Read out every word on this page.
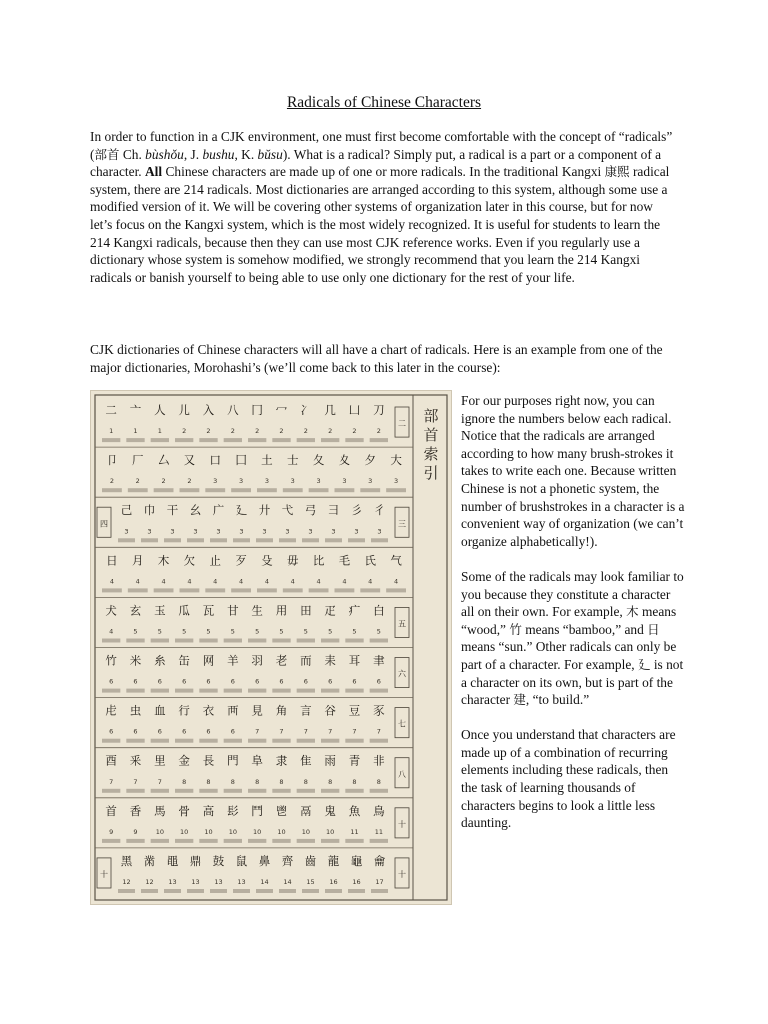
Radicals of Chinese Characters

In order to function in a CJK environment, one must first become comfortable with the concept of “radicals” (部首 Ch. bùshǒu, J. bushu, K. bŭsu). What is a radical? Simply put, a radical is a part or a component of a character. All Chinese characters are made up of one or more radicals. In the traditional Kangxi 康熙 radical system, there are 214 radicals. Most dictionaries are arranged according to this system, although some use a modified version of it. We will be covering other systems of organization later in this course, but for now let’s focus on the Kangxi system, which is the most widely recognized. It is useful for students to learn the 214 Kangxi radicals, because then they can use most CJK reference works. Even if you regularly use a dictionary whose system is somehow modified, we strongly recommend that you learn the 214 Kangxi radicals or banish yourself to being able to use only one dictionary for the rest of your life.

CJK dictionaries of Chinese characters will all have a chart of radicals. Here is an example from one of the major dictionaries, Morohashi’s (we’ll come back to this later in the course):

部
首
索
引
二
刀
2
凵
2
几
2
冫
2
冖
2
冂
2
八
2
入
2
儿
2
人
1
亠
1
二
1
大
3
夕
3
夊
3
夂
3
士
3
土
3
囗
3
口
3
又
2
厶
2
厂
2
卩
2
四	三
彳
3
彡
3
彐
3
弓
3
弋
3
廾
3
廴
3
广
3
幺
3
干
3
巾
3
己
3
气
4
氏
4
毛
4
比
4
毋
4
殳
4
歹
4
止
4
欠
4
木
4
月
4
日
4
五
白
5
疒
5
疋
5
田
5
用
5
生
5
甘
5
瓦
5
瓜
5
玉
5
玄
5
犬
4
六
聿
6
耳
6
耒
6
而
6
老
6
羽
6
羊
6
网
6
缶
6
糸
6
米
6
竹
6
七
豕
7
豆
7
谷
7
言
7
角
7
見
7
襾
6
衣
6
行
6
血
6
虫
6
虍
6
八
非
8
青
8
雨
8
隹
8
隶
8
阜
8
門
8
長
8
金
8
里
7
釆
7
酉
7
十
鳥
11
魚
11
鬼
10
鬲
10
鬯
10
鬥
10
髟
10
高
10
骨
10
馬
10
香
9
首
9
十	十
龠
17
龜
16
龍
16
齒
15
齊
14
鼻
14
鼠
13
鼓
13
鼎
13
黽
13
黹
12
黑
12

For our purposes right now, you can ignore the numbers below each radical. Notice that the radicals are arranged according to how many brush-strokes it takes to write each one. Because written Chinese is not a phonetic system, the number of brushstrokes in a character is a convenient way of organization (we can’t organize alphabetically!).

Some of the radicals may look familiar to you because they constitute a character all on their own. For example, 木 means “wood,” 竹 means “bamboo,” and 日 means “sun.” Other radicals can only be part of a character. For example, 廴 is not a character on its own, but is part of the character 建, “to build.”

Once you understand that characters are made up of a combination of recurring elements including these radicals, then the task of learning thousands of characters begins to look a little less daunting.
